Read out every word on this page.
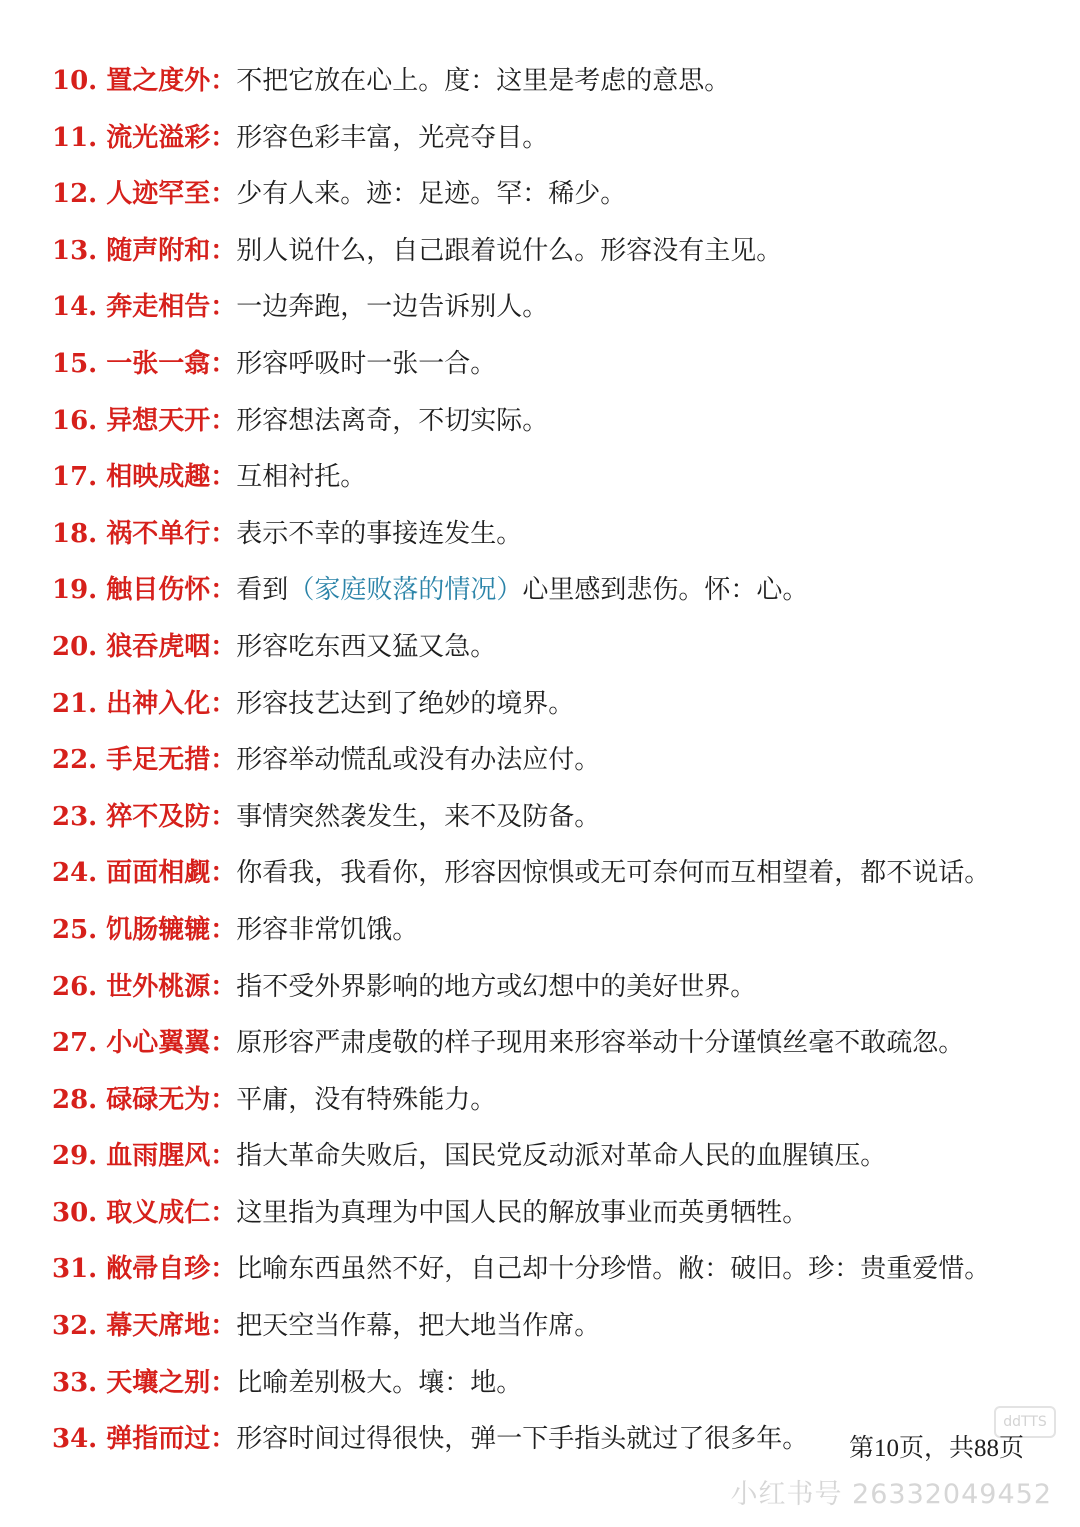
10. 置之度外：不把它放在心上。度：这里是考虑的意思。
11. 流光溢彩：形容色彩丰富，光亮夺目。
12. 人迹罕至：少有人来。迹：足迹。罕：稀少。
13. 随声附和：别人说什么，自己跟着说什么。形容没有主见。
14. 奔走相告：一边奔跑，一边告诉别人。
15. 一张一翕：形容呼吸时一张一合。
16. 异想天开：形容想法离奇，不切实际。
17. 相映成趣：互相衬托。
18. 祸不单行：表示不幸的事接连发生。
19. 触目伤怀：看到（家庭败落的情况）心里感到悲伤。怀：心。
20. 狼吞虎咽：形容吃东西又猛又急。
21. 出神入化：形容技艺达到了绝妙的境界。
22. 手足无措：形容举动慌乱或没有办法应付。
23. 猝不及防：事情突然袭发生，来不及防备。
24. 面面相觑：你看我，我看你，形容因惊惧或无可奈何而互相望着，都不说话。
25. 饥肠辘辘：形容非常饥饿。
26. 世外桃源：指不受外界影响的地方或幻想中的美好世界。
27. 小心翼翼：原形容严肃虔敬的样子现用来形容举动十分谨慎丝毫不敢疏忽。
28. 碌碌无为：平庸，没有特殊能力。
29. 血雨腥风：指大革命失败后，国民党反动派对革命人民的血腥镇压。
30. 取义成仁：这里指为真理为中国人民的解放事业而英勇牺牲。
31. 敝帚自珍：比喻东西虽然不好，自己却十分珍惜。敝：破旧。珍：贵重爱惜。
32. 幕天席地：把天空当作幕，把大地当作席。
33. 天壤之别：比喻差别极大。壤：地。
34. 弹指而过：形容时间过得很快，弹一下手指头就过了很多年。
ddTTS
第10页，共88页
小红书号 26332049452
